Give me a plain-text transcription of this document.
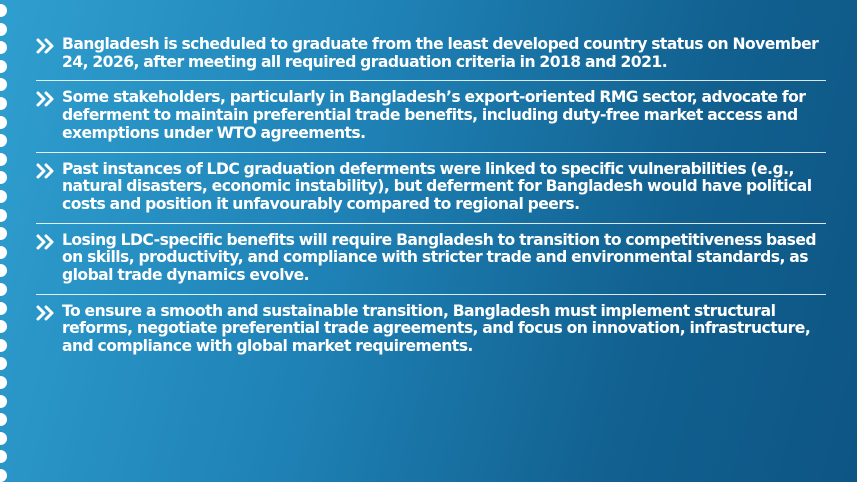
Bangladesh is scheduled to graduate from the least developed country status on November 24, 2026, after meeting all required graduation criteria in 2018 and 2021.
Some stakeholders, particularly in Bangladesh’s export-oriented RMG sector, advocate for deferment to maintain preferential trade benefits, including duty-free market access and exemptions under WTO agreements.
Past instances of LDC graduation deferments were linked to specific vulnerabilities (e.g., natural disasters, economic instability), but deferment for Bangladesh would have political costs and position it unfavourably compared to regional peers.
Losing LDC-specific benefits will require Bangladesh to transition to competitiveness based on skills, productivity, and compliance with stricter trade and environmental standards, as global trade dynamics evolve.
To ensure a smooth and sustainable transition, Bangladesh must implement structural reforms, negotiate preferential trade agreements, and focus on innovation, infrastructure, and compliance with global market requirements.
